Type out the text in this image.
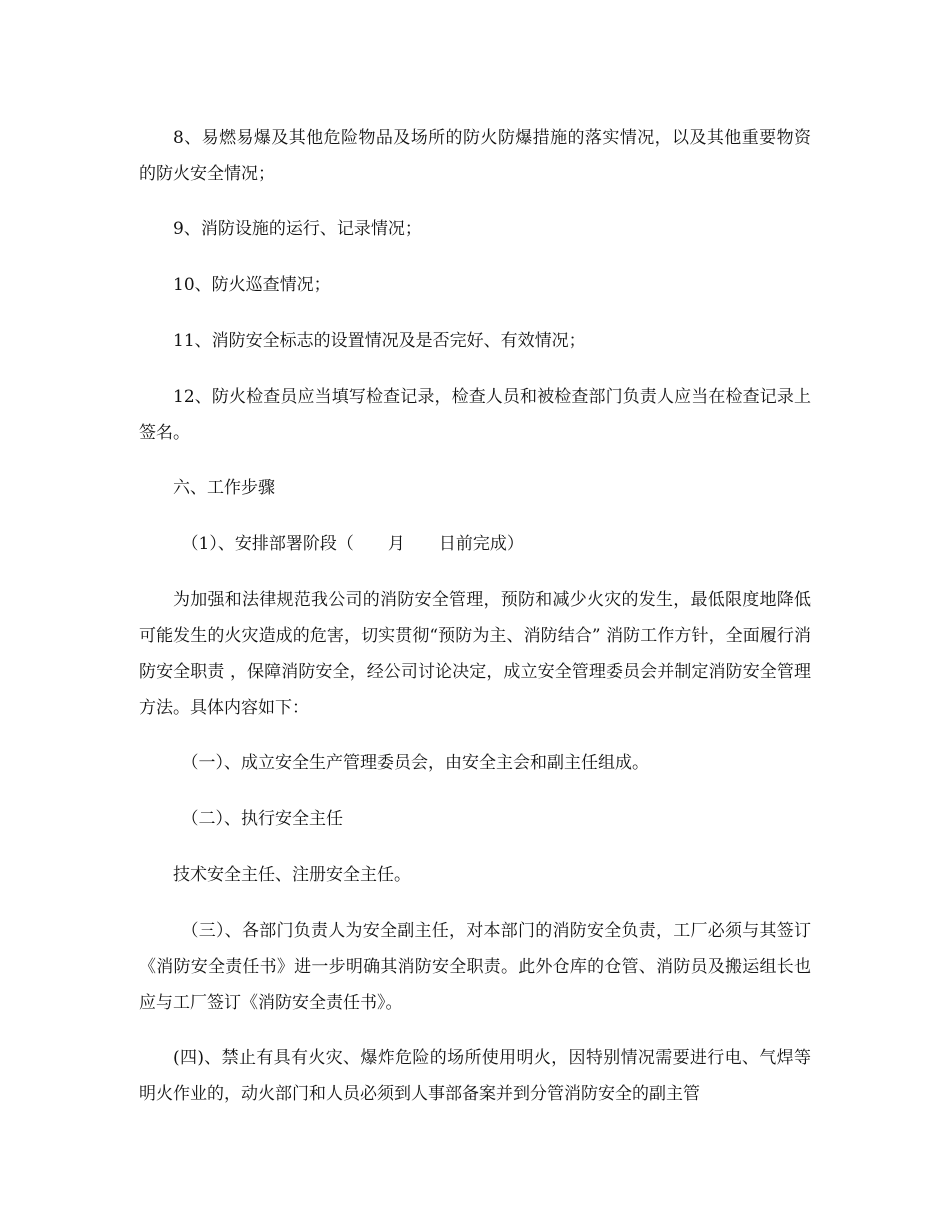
8、易燃易爆及其他危险物品及场所的防火防爆措施的落实情况，以及其他重要物资的防火安全情况；

9、消防设施的运行、记录情况；

10、防火巡查情况；

11、消防安全标志的设置情况及是否完好、有效情况；

12、防火检查员应当填写检查记录，检查人员和被检查部门负责人应当在检查记录上签名。

六、工作步骤

（1）、安排部署阶段（　　月　　日前完成）

为加强和法律规范我公司的消防安全管理，预防和减少火灾的发生，最低限度地降低可能发生的火灾造成的危害，切实贯彻“预防为主、消防结合” 消防工作方针，全面履行消防安全职责 ，保障消防安全，经公司讨论决定，成立安全管理委员会并制定消防安全管理方法。具体内容如下：

（一）、成立安全生产管理委员会，由安全主会和副主任组成。

（二）、执行安全主任

技术安全主任、注册安全主任。

（三）、各部门负责人为安全副主任，对本部门的消防安全负责，工厂必须与其签订《消防安全责任书》进一步明确其消防安全职责。此外仓库的仓管、消防员及搬运组长也应与工厂签订《消防安全责任书》。

(四)、禁止有具有火灾、爆炸危险的场所使用明火，因特别情况需要进行电、气焊等明火作业的，动火部门和人员必须到人事部备案并到分管消防安全的副主管
